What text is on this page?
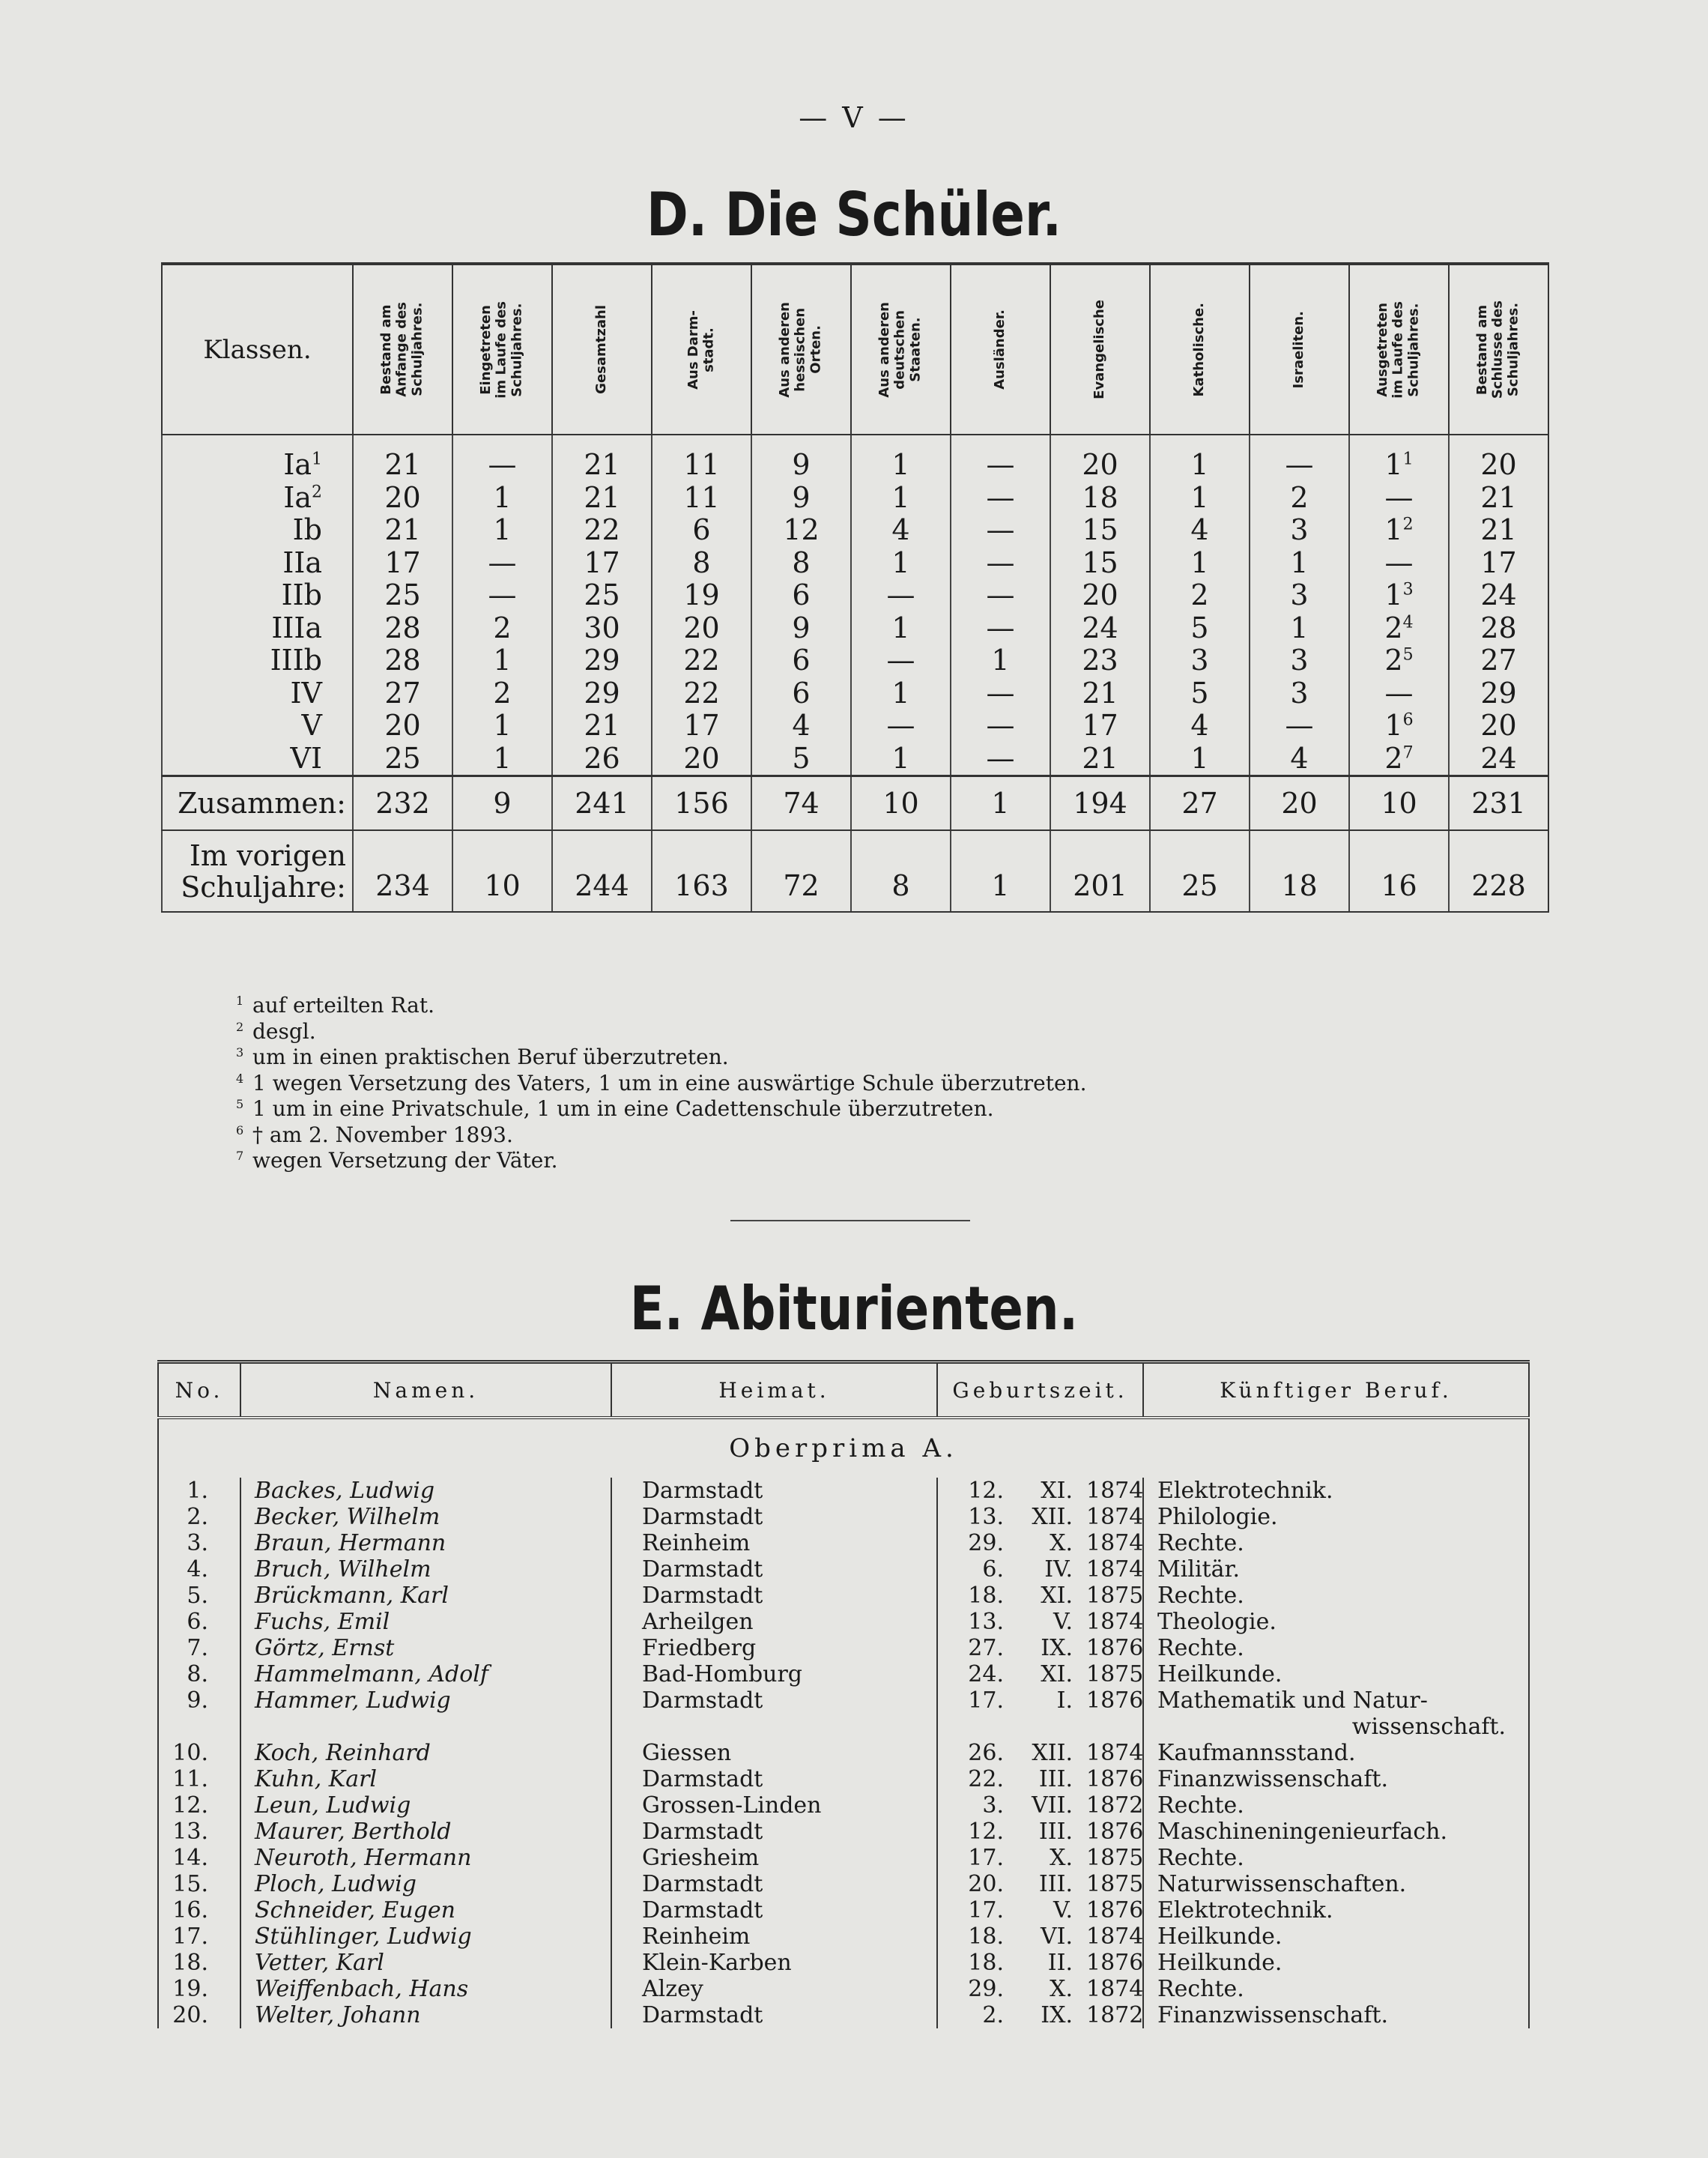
— V —
D. Die Schüler.
Klassen.	Bestand am
Anfange des
Schuljahres.	Eingetreten
im Laufe des
Schuljahres.	Gesamtzahl	Aus Darm-
stadt.	Aus anderen
hessischen
Orten.	Aus anderen
deutschen
Staaten.	Ausländer.	Evangelische	Katholische.	Israeliten.	Ausgetreten
im Laufe des
Schuljahres.	Bestand am
Schlusse des
Schuljahres.

Ia$^1$	21	—	21	11	9	1	—	20	1	—	$1^1$	20
Ia$^2$	20	1	21	11	9	1	—	18	1	2	—	21
Ib	21	1	22	6	12	4	—	15	4	3	$1^2$	21
IIa	17	—	17	8	8	1	—	15	1	1	—	17
IIb	25	—	25	19	6	—	—	20	2	3	$1^3$	24
IIIa	28	2	30	20	9	1	—	24	5	1	$2^4$	28
IIIb	28	1	29	22	6	—	1	23	3	3	$2^5$	27
IV	27	2	29	22	6	1	—	21	5	3	—	29
V	20	1	21	17	4	—	—	17	4	—	$1^6$	20
VI	25	1	26	20	5	1	—	21	1	4	$2^7$	24
Zusammen:	232	9	241	156	74	10	1	194	27	20	10	231
Im vorigen Schuljahre:	234	10	244	163	72	8	1	201	25	18	16	228
1 auf erteilten Rat.
2 desgl.
3 um in einen praktischen Beruf überzutreten.
4 1 wegen Versetzung des Vaters, 1 um in eine auswärtige Schule überzutreten.
5 1 um in eine Privatschule, 1 um in eine Cadettenschule überzutreten.
6 † am 2. November 1893.
7 wegen Versetzung der Väter.
E. Abiturienten.
No.	Namen.	Heimat.	Geburtszeit.			Künftiger Beruf.
Oberprima A.						
1.	Backes, Ludwig	Darmstadt	12.	XI.	1874	Elektrotechnik.
2.	Becker, Wilhelm	Darmstadt	13.	XII.	1874	Philologie.
3.	Braun, Hermann	Reinheim	29.	X.	1874	Rechte.
4.	Bruch, Wilhelm	Darmstadt	6.	IV.	1874	Militär.
5.	Brückmann, Karl	Darmstadt	18.	XI.	1875	Rechte.
6.	Fuchs, Emil	Arheilgen	13.	V.	1874	Theologie.
7.	Görtz, Ernst	Friedberg	27.	IX.	1876	Rechte.
8.	Hammelmann, Adolf	Bad-Homburg	24.	XI.	1875	Heilkunde.
9.	Hammer, Ludwig	Darmstadt	17.	I.	1876	Mathematik und Natur-
wissenschaft.

10.	Koch, Reinhard	Giessen	26.	XII.	1874	Kaufmannsstand.
11.	Kuhn, Karl	Darmstadt	22.	III.	1876	Finanzwissenschaft.
12.	Leun, Ludwig	Grossen-Linden	3.	VII.	1872	Rechte.
13.	Maurer, Berthold	Darmstadt	12.	III.	1876	Maschineningenieurfach.
14.	Neuroth, Hermann	Griesheim	17.	X.	1875	Rechte.
15.	Ploch, Ludwig	Darmstadt	20.	III.	1875	Naturwissenschaften.
16.	Schneider, Eugen	Darmstadt	17.	V.	1876	Elektrotechnik.
17.	Stühlinger, Ludwig	Reinheim	18.	VI.	1874	Heilkunde.
18.	Vetter, Karl	Klein-Karben	18.	II.	1876	Heilkunde.
19.	Weiffenbach, Hans	Alzey	29.	X.	1874	Rechte.
20.	Welter, Johann	Darmstadt	2.	IX.	1872	Finanzwissenschaft.
